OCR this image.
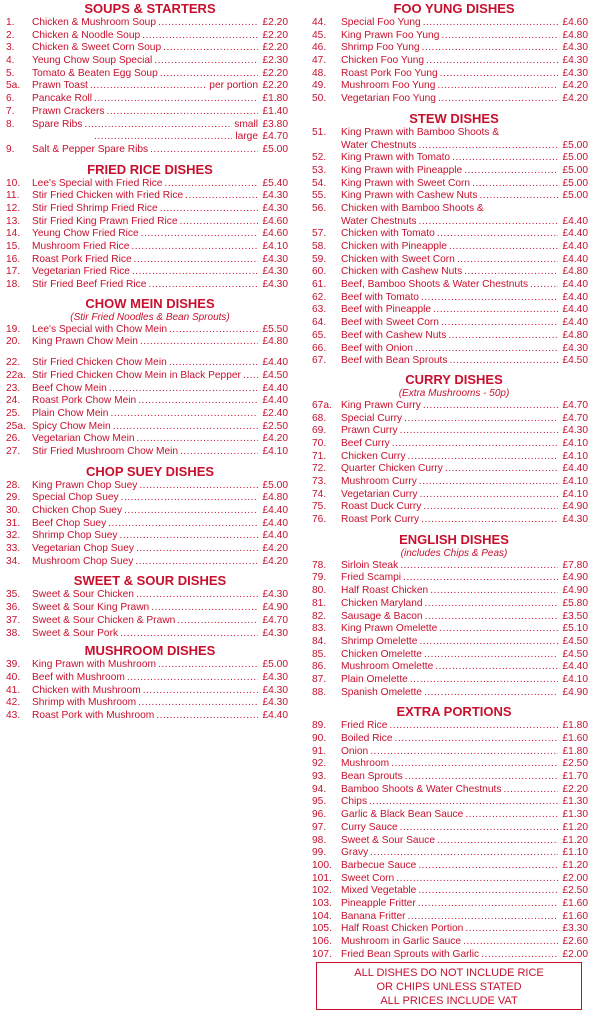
SOUPS & STARTERS
1. Chicken & Mushroom Soup .....	£2.20
2. Chicken & Noodle Soup .....	£2.20
3. Chicken & Sweet Corn Soup .....	£2.20
4. Yeung Chow Soup Special .....	£2.30
5. Tomato & Beaten Egg Soup .....	£2.20
5a. Prawn Toast .....	per portion £2.20
6. Pancake Roll .....	£1.80
7. Prawn Crackers .....	£1.40
8. Spare Ribs .....	small £3.80
.....
large £4.70
9. Salt & Pepper Spare Ribs .....	£5.00
FRIED RICE DISHES
10. Lee's Special with Fried Rice .....	£5.40
11. Stir Fried Chicken with Fried Rice .....	£4.30
12. Stir Fried Shrimp Fried Rice .....	£4.30
13. Stir Fried King Prawn Fried Rice .....	£4.60
14. Yeung Chow Fried Rice .....	£4.60
15. Mushroom Fried Rice .....	£4.10
16. Roast Pork Fried Rice .....	£4.30
17. Vegetarian Fried Rice .....	£4.30
18. Stir Fried Beef Fried Rice .....	£4.30
CHOW MEIN DISHES
(Stir Fried Noodles & Bean Sprouts)
19. Lee's Special with Chow Mein .....	£5.50
20. King Prawn Chow Mein .....	£4.80
22. Stir Fried Chicken Chow Mein .....	£4.40
22a. Stir Fried Chicken Chow Mein in Black Pepper .....	£4.50
23. Beef Chow Mein .....	£4.40
24. Roast Pork Chow Mein .....	£4.40
25. Plain Chow Mein .....	£2.40
25a. Spicy Chow Mein .....	£2.50
26. Vegetarian Chow Mein .....	£4.20
27. Stir Fried Mushroom Chow Mein .....	£4.10
CHOP SUEY DISHES
28. King Prawn Chop Suey .....	£5.00
29. Special Chop Suey .....	£4.80
30. Chicken Chop Suey .....	£4.40
31. Beef Chop Suey .....	£4.40
32. Shrimp Chop Suey .....	£4.40
33. Vegetarian Chop Suey .....	£4.20
34. Mushroom Chop Suey .....	£4.20
SWEET & SOUR DISHES
35. Sweet & Sour Chicken .....	£4.30
36. Sweet & Sour King Prawn .....	£4.90
37. Sweet & Sour Chicken & Prawn .....	£4.70
38. Sweet & Sour Pork .....	£4.30
MUSHROOM DISHES
39. King Prawn with Mushroom .....	£5.00
40. Beef with Mushroom .....	£4.30
41. Chicken with Mushroom .....	£4.30
42. Shrimp with Mushroom .....	£4.30
43. Roast Pork with Mushroom .....	£4.40
FOO YUNG DISHES
44. Special Foo Yung .....	£4.60
45. King Prawn Foo Yung .....	£4.80
46. Shrimp Foo Yung .....	£4.30
47. Chicken Foo Yung .....	£4.30
48. Roast Pork Foo Yung .....	£4.30
49. Mushroom Foo Yung .....	£4.20
50. Vegetarian Foo Yung .....	£4.20
STEW DISHES
51. King Prawn with Bamboo Shoots &
Water Chestnuts .....	£5.00
52. King Prawn with Tomato .....	£5.00
53. King Prawn with Pineapple .....	£5.00
54. King Prawn with Sweet Corn .....	£5.00
55. King Prawn with Cashew Nuts .....	£5.00
56. Chicken with Bamboo Shoots &
Water Chestnuts .....	£4.40
57. Chicken with Tomato .....	£4.40
58. Chicken with Pineapple .....	£4.40
59. Chicken with Sweet Corn .....	£4.40
60. Chicken with Cashew Nuts .....	£4.80
61. Beef, Bamboo Shoots & Water Chestnuts .....	£4.40
62. Beef with Tomato .....	£4.40
63. Beef with Pineapple .....	£4.40
64. Beef with Sweet Corn .....	£4.40
65. Beef with Cashew Nuts .....	£4.80
66. Beef with Onion .....	£4.30
67. Beef with Bean Sprouts .....	£4.50
CURRY DISHES
(Extra Mushrooms - 50p)
67a. King Prawn Curry .....	£4.70
68. Special Curry .....	£4.70
69. Prawn Curry .....	£4.30
70. Beef Curry .....	£4.10
71. Chicken Curry .....	£4.10
72. Quarter Chicken Curry .....	£4.40
73. Mushroom Curry .....	£4.10
74. Vegetarian Curry .....	£4.10
75. Roast Duck Curry .....	£4.90
76. Roast Pork Curry .....	£4.30
ENGLISH DISHES
(includes Chips & Peas)
78. Sirloin Steak .....	£7.80
79. Fried Scampi .....	£4.90
80. Half Roast Chicken .....	£4.90
81. Chicken Maryland .....	£5.80
82. Sausage & Bacon .....	£3.50
83. King Prawn Omelette .....	£5.10
84. Shrimp Omelette .....	£4.50
85. Chicken Omelette .....	£4.50
86. Mushroom Omelette .....	£4.40
87. Plain Omelette .....	£4.10
88. Spanish Omelette .....	£4.90
EXTRA PORTIONS
89. Fried Rice .....	£1.80
90. Boiled Rice .....	£1.60
91. Onion .....	£1.80
92. Mushroom .....	£2.50
93. Bean Sprouts .....	£1.70
94. Bamboo Shoots & Water Chestnuts .....	£2.20
95. Chips .....	£1.30
96. Garlic & Black Bean Sauce .....	£1.30
97. Curry Sauce .....	£1.20
98. Sweet & Sour Sauce .....	£1.20
99. Gravy .....	£1.10
100. Barbecue Sauce .....	£1.20
101. Sweet Corn .....	£2.00
102. Mixed Vegetable .....	£2.50
103. Pineapple Fritter .....	£1.60
104. Banana Fritter .....	£1.60
105. Half Roast Chicken Portion .....	£3.30
106. Mushroom in Garlic Sauce .....	£2.60
107. Fried Bean Sprouts with Garlic .....	£2.00
ALL DISHES DO NOT INCLUDE RICE
OR CHIPS UNLESS STATED
ALL PRICES INCLUDE VAT
